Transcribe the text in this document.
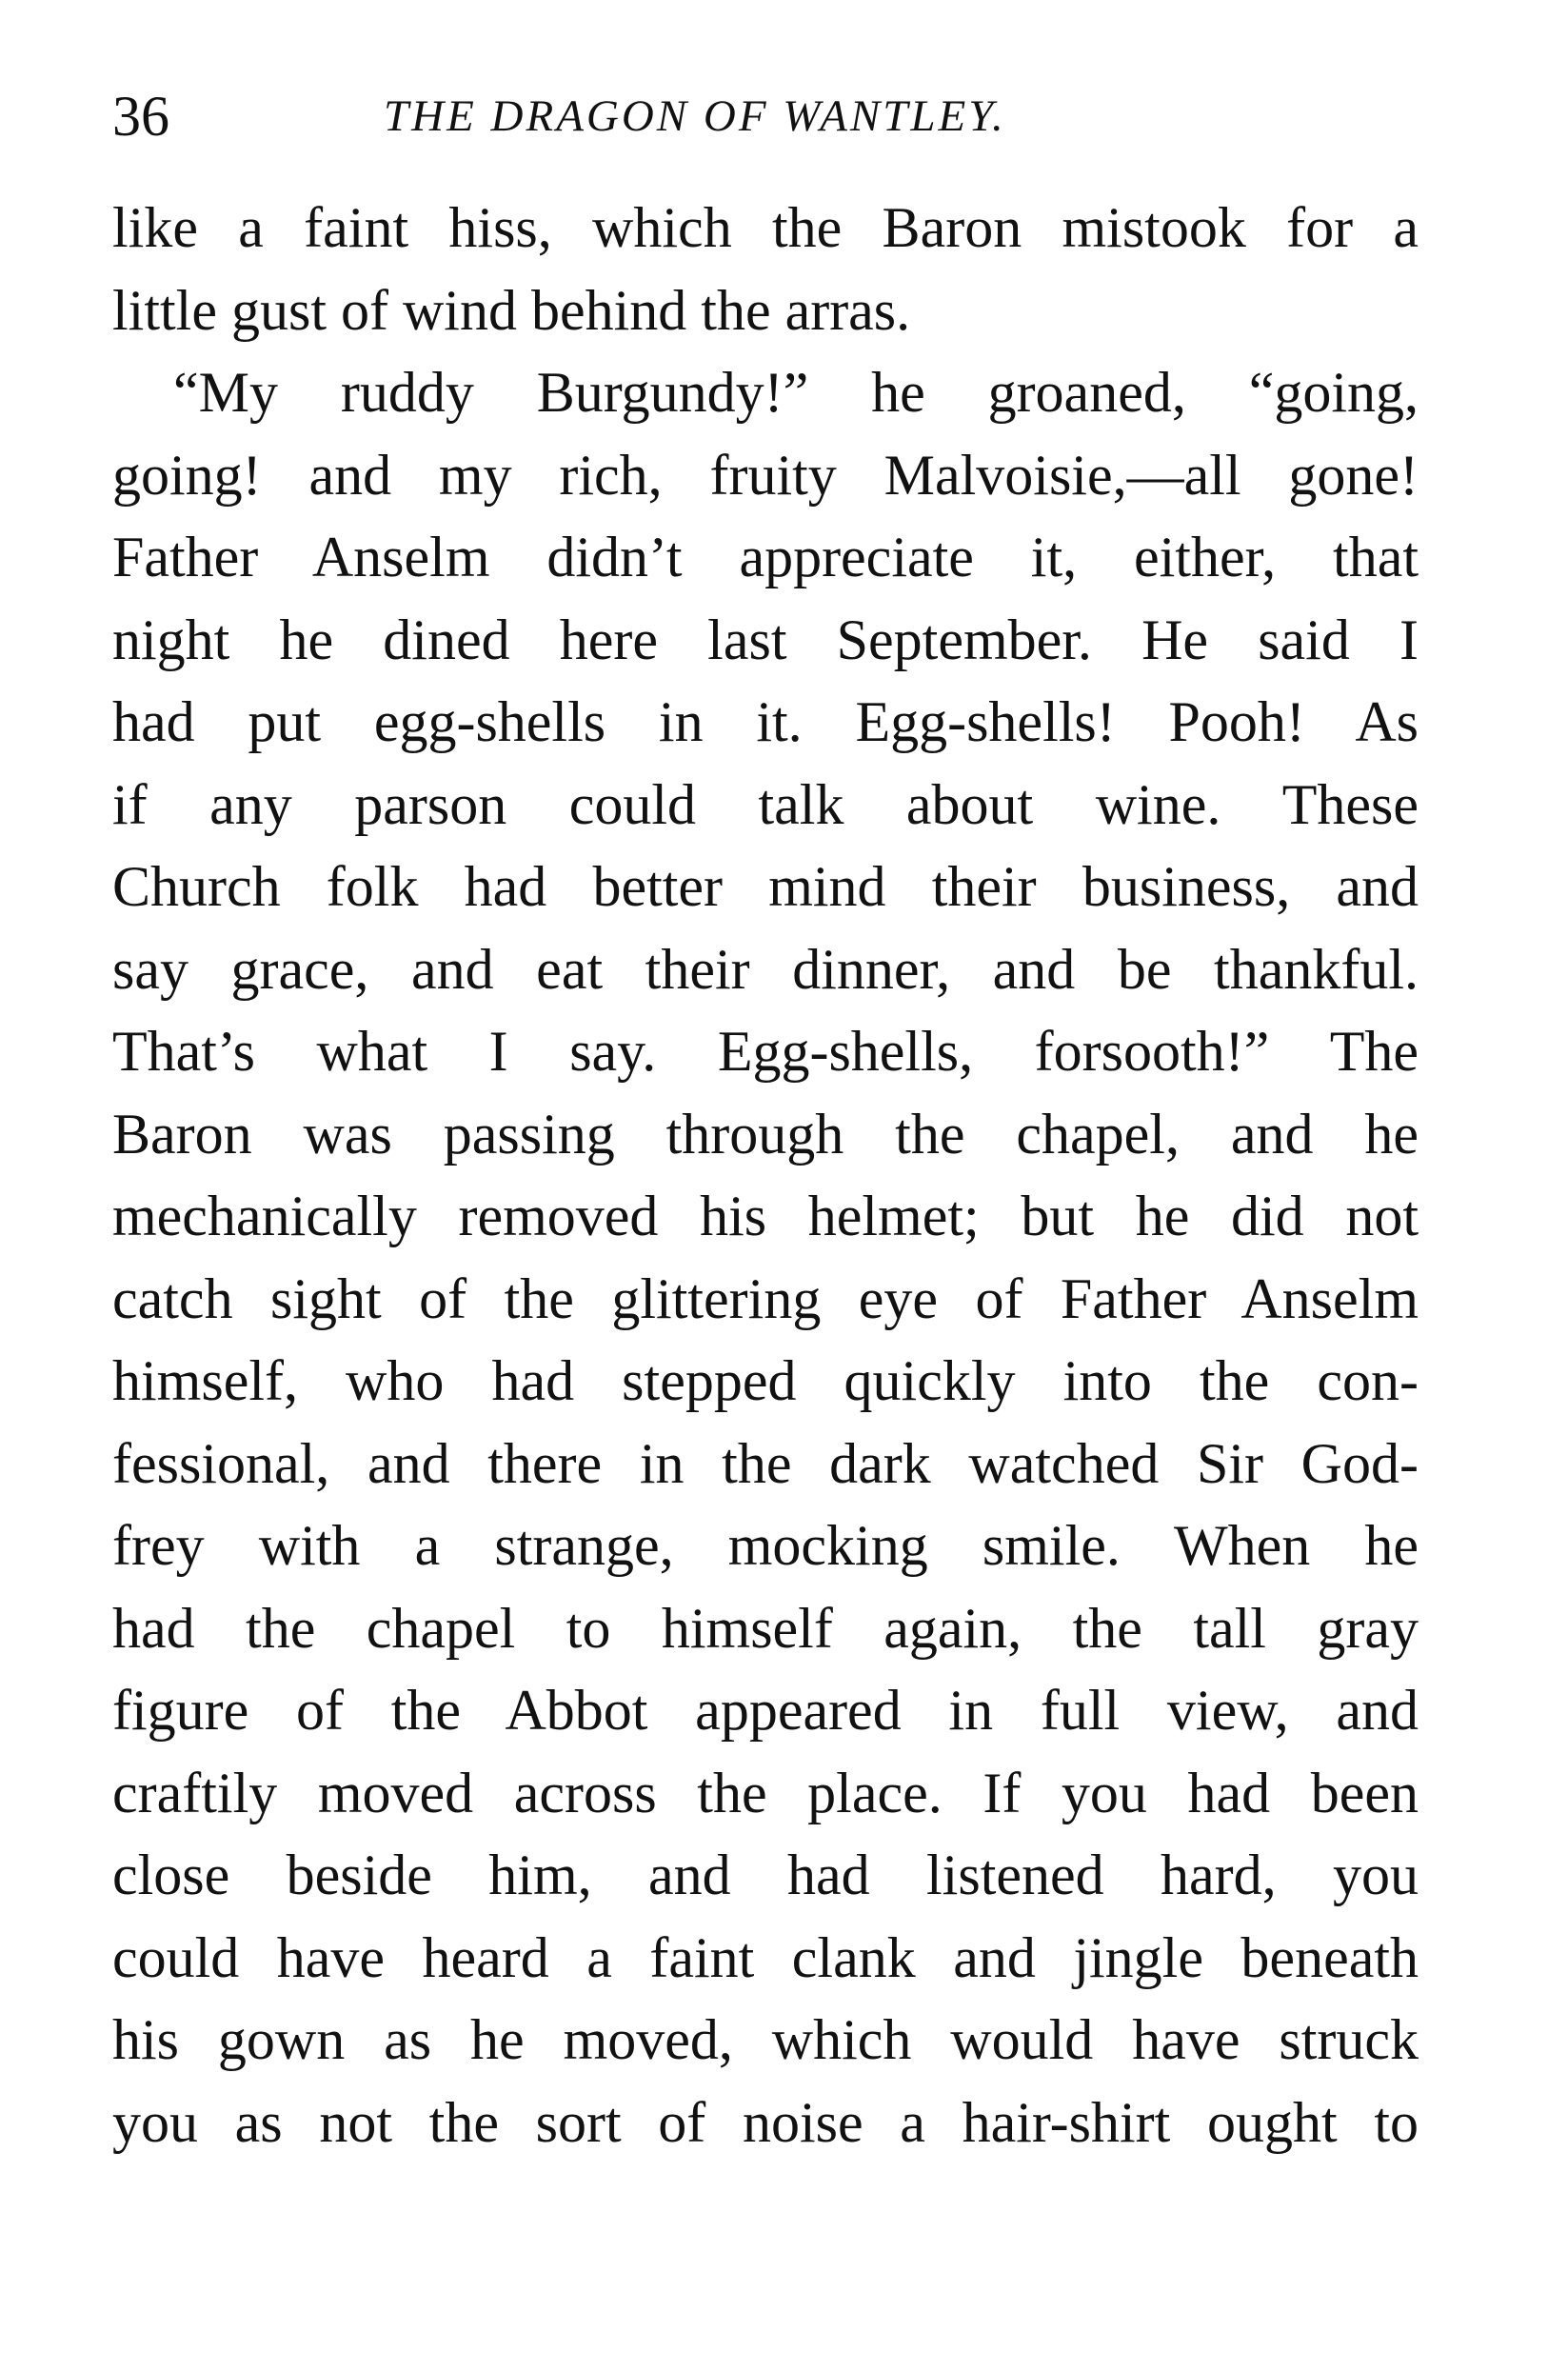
36	THE DRAGON OF WANTLEY.
like a faint hiss, which the Baron mistook for a
little gust of wind behind the arras.
“My ruddy Burgundy!” he groaned, “going,
going! and my rich, fruity Malvoisie,—all gone!
Father Anselm didn’t appreciate it, either, that
night he dined here last September. He said I
had put egg-shells in it. Egg-shells! Pooh! As
if any parson could talk about wine. These
Church folk had better mind their business, and
say grace, and eat their dinner, and be thankful.
That’s what I say. Egg-shells, forsooth!” The
Baron was passing through the chapel, and he
mechanically removed his helmet; but he did not
catch sight of the glittering eye of Father Anselm
himself, who had stepped quickly into the con-
fessional, and there in the dark watched Sir God-
frey with a strange, mocking smile. When he
had the chapel to himself again, the tall gray
figure of the Abbot appeared in full view, and
craftily moved across the place. If you had been
close beside him, and had listened hard, you
could have heard a faint clank and jingle beneath
his gown as he moved, which would have struck
you as not the sort of noise a hair-shirt ought to
